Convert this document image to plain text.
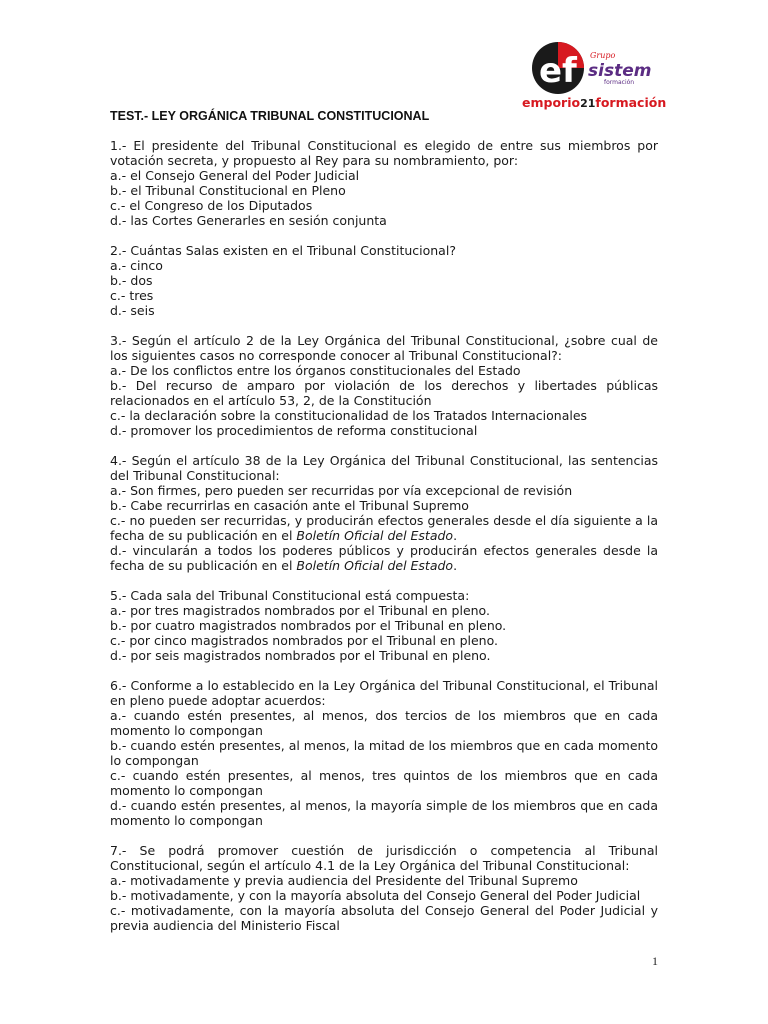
ef Grupo
sistem
formación
emporio21formación
TEST.- LEY ORGÁNICA TRIBUNAL CONSTITUCIONAL
1.- El presidente del Tribunal Constitucional es elegido de entre sus miembros por votación secreta, y propuesto al Rey para su nombramiento, por:
a.- el Consejo General del Poder Judicial
b.- el Tribunal Constitucional en Pleno
c.- el Congreso de los Diputados
d.- las Cortes Generarles en sesión conjunta
2.- Cuántas Salas existen en el Tribunal Constitucional?
a.- cinco
b.- dos
c.- tres
d.- seis
3.- Según el artículo 2 de la Ley Orgánica del Tribunal Constitucional, ¿sobre cual de los siguientes casos no corresponde conocer al Tribunal Constitucional?:
a.- De los conflictos entre los órganos constitucionales del Estado
b.- Del recurso de amparo por violación de los derechos y libertades públicas relacionados en el artículo 53, 2, de la Constitución
c.- la declaración sobre la constitucionalidad de los Tratados Internacionales
d.- promover los procedimientos de reforma constitucional
4.- Según el artículo 38 de la Ley Orgánica del Tribunal Constitucional, las sentencias del Tribunal Constitucional:
a.- Son firmes, pero pueden ser recurridas por vía excepcional de revisión
b.- Cabe recurrirlas en casación ante el Tribunal Supremo
c.- no pueden ser recurridas, y producirán efectos generales desde el día siguiente a la fecha de su publicación en el Boletín Oficial del Estado.
d.- vincularán a todos los poderes públicos y producirán efectos generales desde la fecha de su publicación en el Boletín Oficial del Estado.
5.- Cada sala del Tribunal Constitucional está compuesta:
a.- por tres magistrados nombrados por el Tribunal en pleno.
b.- por cuatro magistrados nombrados por el Tribunal en pleno.
c.- por cinco magistrados nombrados por el Tribunal en pleno.
d.- por seis magistrados nombrados por el Tribunal en pleno.
6.- Conforme a lo establecido en la Ley Orgánica del Tribunal Constitucional, el Tribunal en pleno puede adoptar acuerdos:
a.- cuando estén presentes, al menos, dos tercios de los miembros que en cada momento lo compongan
b.- cuando estén presentes, al menos, la mitad de los miembros que en cada momento lo compongan
c.- cuando estén presentes, al menos, tres quintos de los miembros que en cada momento lo compongan
d.- cuando estén presentes, al menos, la mayoría simple de los miembros que en cada momento lo compongan
7.- Se podrá promover cuestión de jurisdicción o competencia al Tribunal Constitucional, según el artículo 4.1 de la Ley Orgánica del Tribunal Constitucional:
a.- motivadamente y previa audiencia del Presidente del Tribunal Supremo
b.- motivadamente, y con la mayoría absoluta del Consejo General del Poder Judicial
c.- motivadamente, con la mayoría absoluta del Consejo General del Poder Judicial y previa audiencia del Ministerio Fiscal
1
